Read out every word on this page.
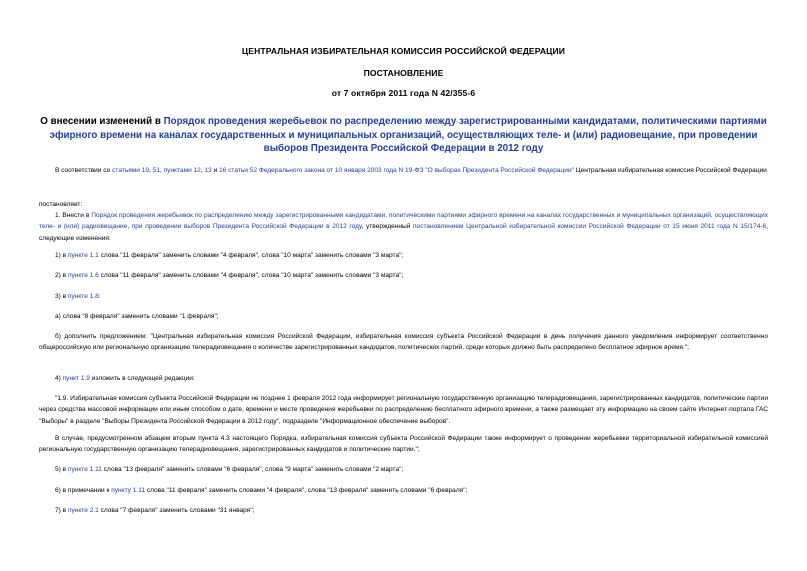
ЦЕНТРАЛЬНАЯ ИЗБИРАТЕЛЬНАЯ КОМИССИЯ РОССИЙСКОЙ ФЕДЕРАЦИИ
ПОСТАНОВЛЕНИЕ
от 7 октября 2011 года N 42/355-6
О внесении изменений в Порядок проведения жеребьевок по распределению между зарегистрированными кандидатами, политическими партиями эфирного времени на каналах государственных и муниципальных организаций, осуществляющих теле- и (или) радиовещание, при проведении выборов Президента Российской Федерации в 2012 году
В соответствии со статьями 19, 51, пунктами 12, 13 и 16 статьи 52 Федерального закона от 10 января 2003 года N 19-ФЗ "О выборах Президента Российской Федерации" Центральная избирательная комиссия Российской Федерации
постановляет:
1. Внести в Порядок проведения жеребьевок по распределению между зарегистрированными кандидатами, политическими партиями эфирного времени на каналах государственных и муниципальных организаций, осуществляющих теле- и (или) радиовещание, при проведении выборов Президента Российской Федерации в 2012 году, утвержденный постановлением Центральной избирательной комиссии Российской Федерации от 15 июня 2011 года N 15/174-6, следующие изменения:
1) в пункте 1.1 слова "11 февраля" заменить словами "4 февраля", слова "10 марта" заменить словами "3 марта";
2) в пункте 1.6 слова "11 февраля" заменить словами "4 февраля", слова "10 марта" заменить словами "3 марта";
3) в пункте 1.8:
а) слова "8 февраля" заменить словами "1 февраля";
б) дополнить предложением: "Центральная избирательная комиссия Российской Федерации, избирательная комиссия субъекта Российской Федерации в день получения данного уведомления информирует соответственно общероссийскую или региональную организацию телерадиовещания о количестве зарегистрированных кандидатов, политических партий, среди которых должно быть распределено бесплатное эфирное время.";
4) пункт 1.9 изложить в следующей редакции:
"1.9. Избирательная комиссия субъекта Российской Федерации не позднее 1 февраля 2012 года информирует региональную государственную организацию телерадиовещания, зарегистрированных кандидатов, политические партии через средства массовой информации или иным способом о дате, времени и месте проведения жеребьевки по распределению бесплатного эфирного времени, а также размещает эту информацию на своем сайте Интернет-портала ГАС "Выборы" в разделе "Выборы Президента Российской Федерации в 2012 году", подразделе "Информационное обеспечение выборов".
В случае, предусмотренном абзацем вторым пункта 4.3 настоящего Порядка, избирательная комиссия субъекта Российской Федерации также информирует о проведении жеребьевки территориальной избирательной комиссией региональную государственную организацию телерадиовещания, зарегистрированных кандидатов и политические партии.";
5) в пункте 1.11 слова "13 февраля" заменить словами "6 февраля", слова "9 марта" заменить словами "2 марта";
6) в примечании к пункту 1.11 слова "11 февраля" заменить словами "4 февраля", слова "13 февраля" заменить словами "6 февраля";
7) в пункте 2.1 слова "7 февраля" заменить словами "31 января";
